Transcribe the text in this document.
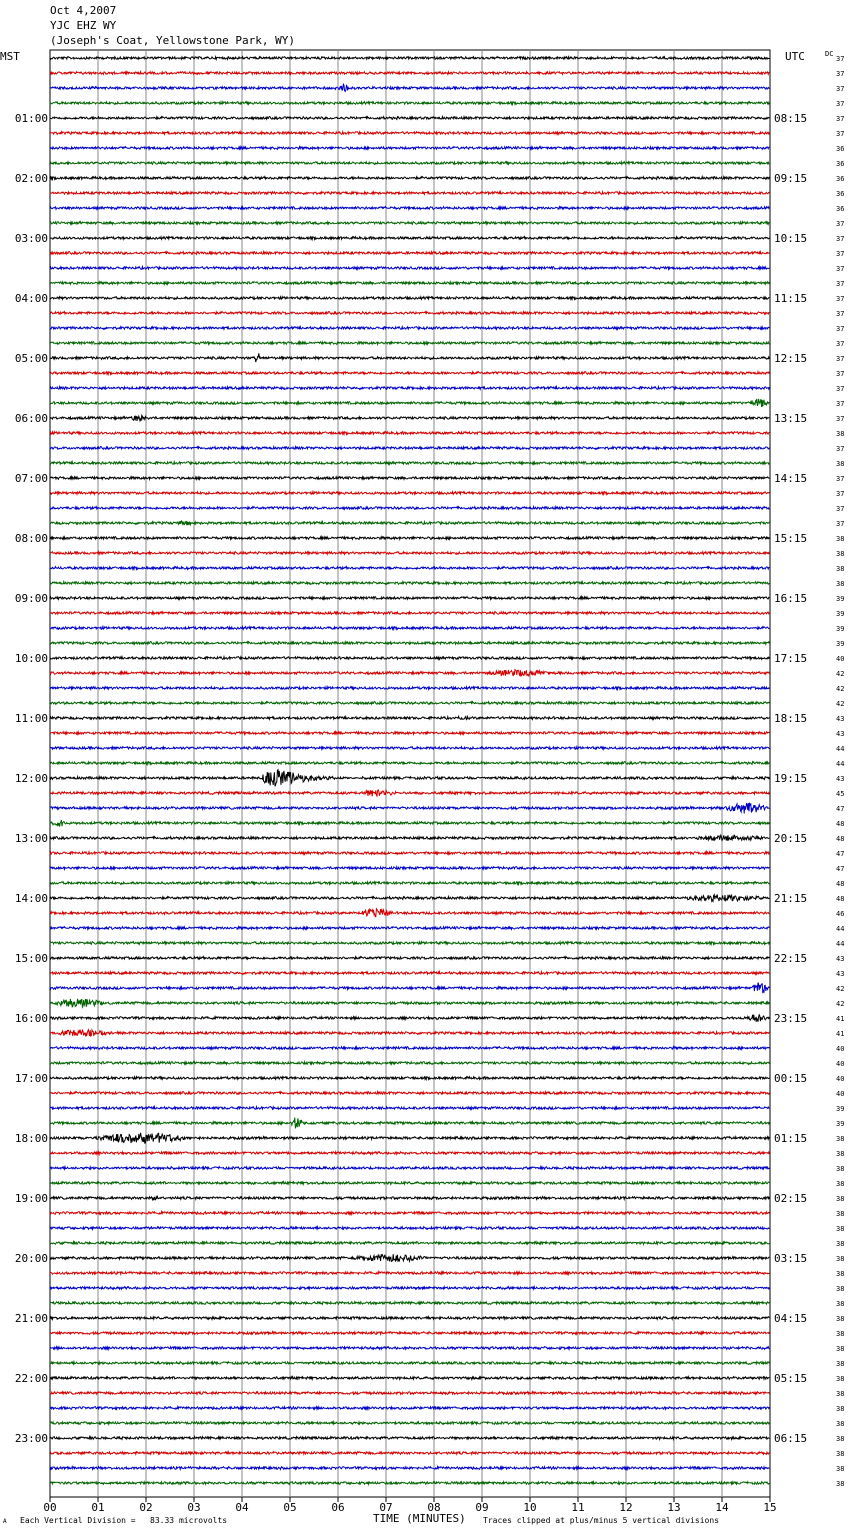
Oct 4,2007
YJC EHZ WY
(Joseph's Coat, Yellowstone Park, WY)
MST	UTC	37
37
37
37
37
37
36
36
36
36
36
37
37
37
37
37
37
37
37
37
37
37
37
37
37
38
37
38
37
37
37
37
38
38
38
38
39
39
39
39
40
42
42
42
43
43
44
44
43
45
47
48
48
47
47
48
48
46
44
44
43
43
42
42
41
41
40
40
40
40
39
39
38
38
38
38
38
38
38
38
38
38
38
38
38
38
38
38
38
38
38
38
38
38
38
38
DC
01:00
02:00
03:00
04:00
05:00
06:00
07:00
08:00
09:00
10:00
11:00
12:00
13:00
14:00
15:00
16:00
17:00
18:00
19:00
20:00
21:00
22:00
23:00
08:15
09:15
10:15
11:15
12:15
13:15
14:15
15:15
16:15
17:15
18:15
19:15
20:15
21:15
22:15
23:15
00:15
01:15
02:15
03:15
04:15
05:15
06:15
00	01	02	03	04	05	06	07	08	09	10	11	12	13	14	15
TIME (MINUTES)
A Each Vertical Division =   83.33 microvolts	Traces clipped at plus/minus 5 vertical divisions
